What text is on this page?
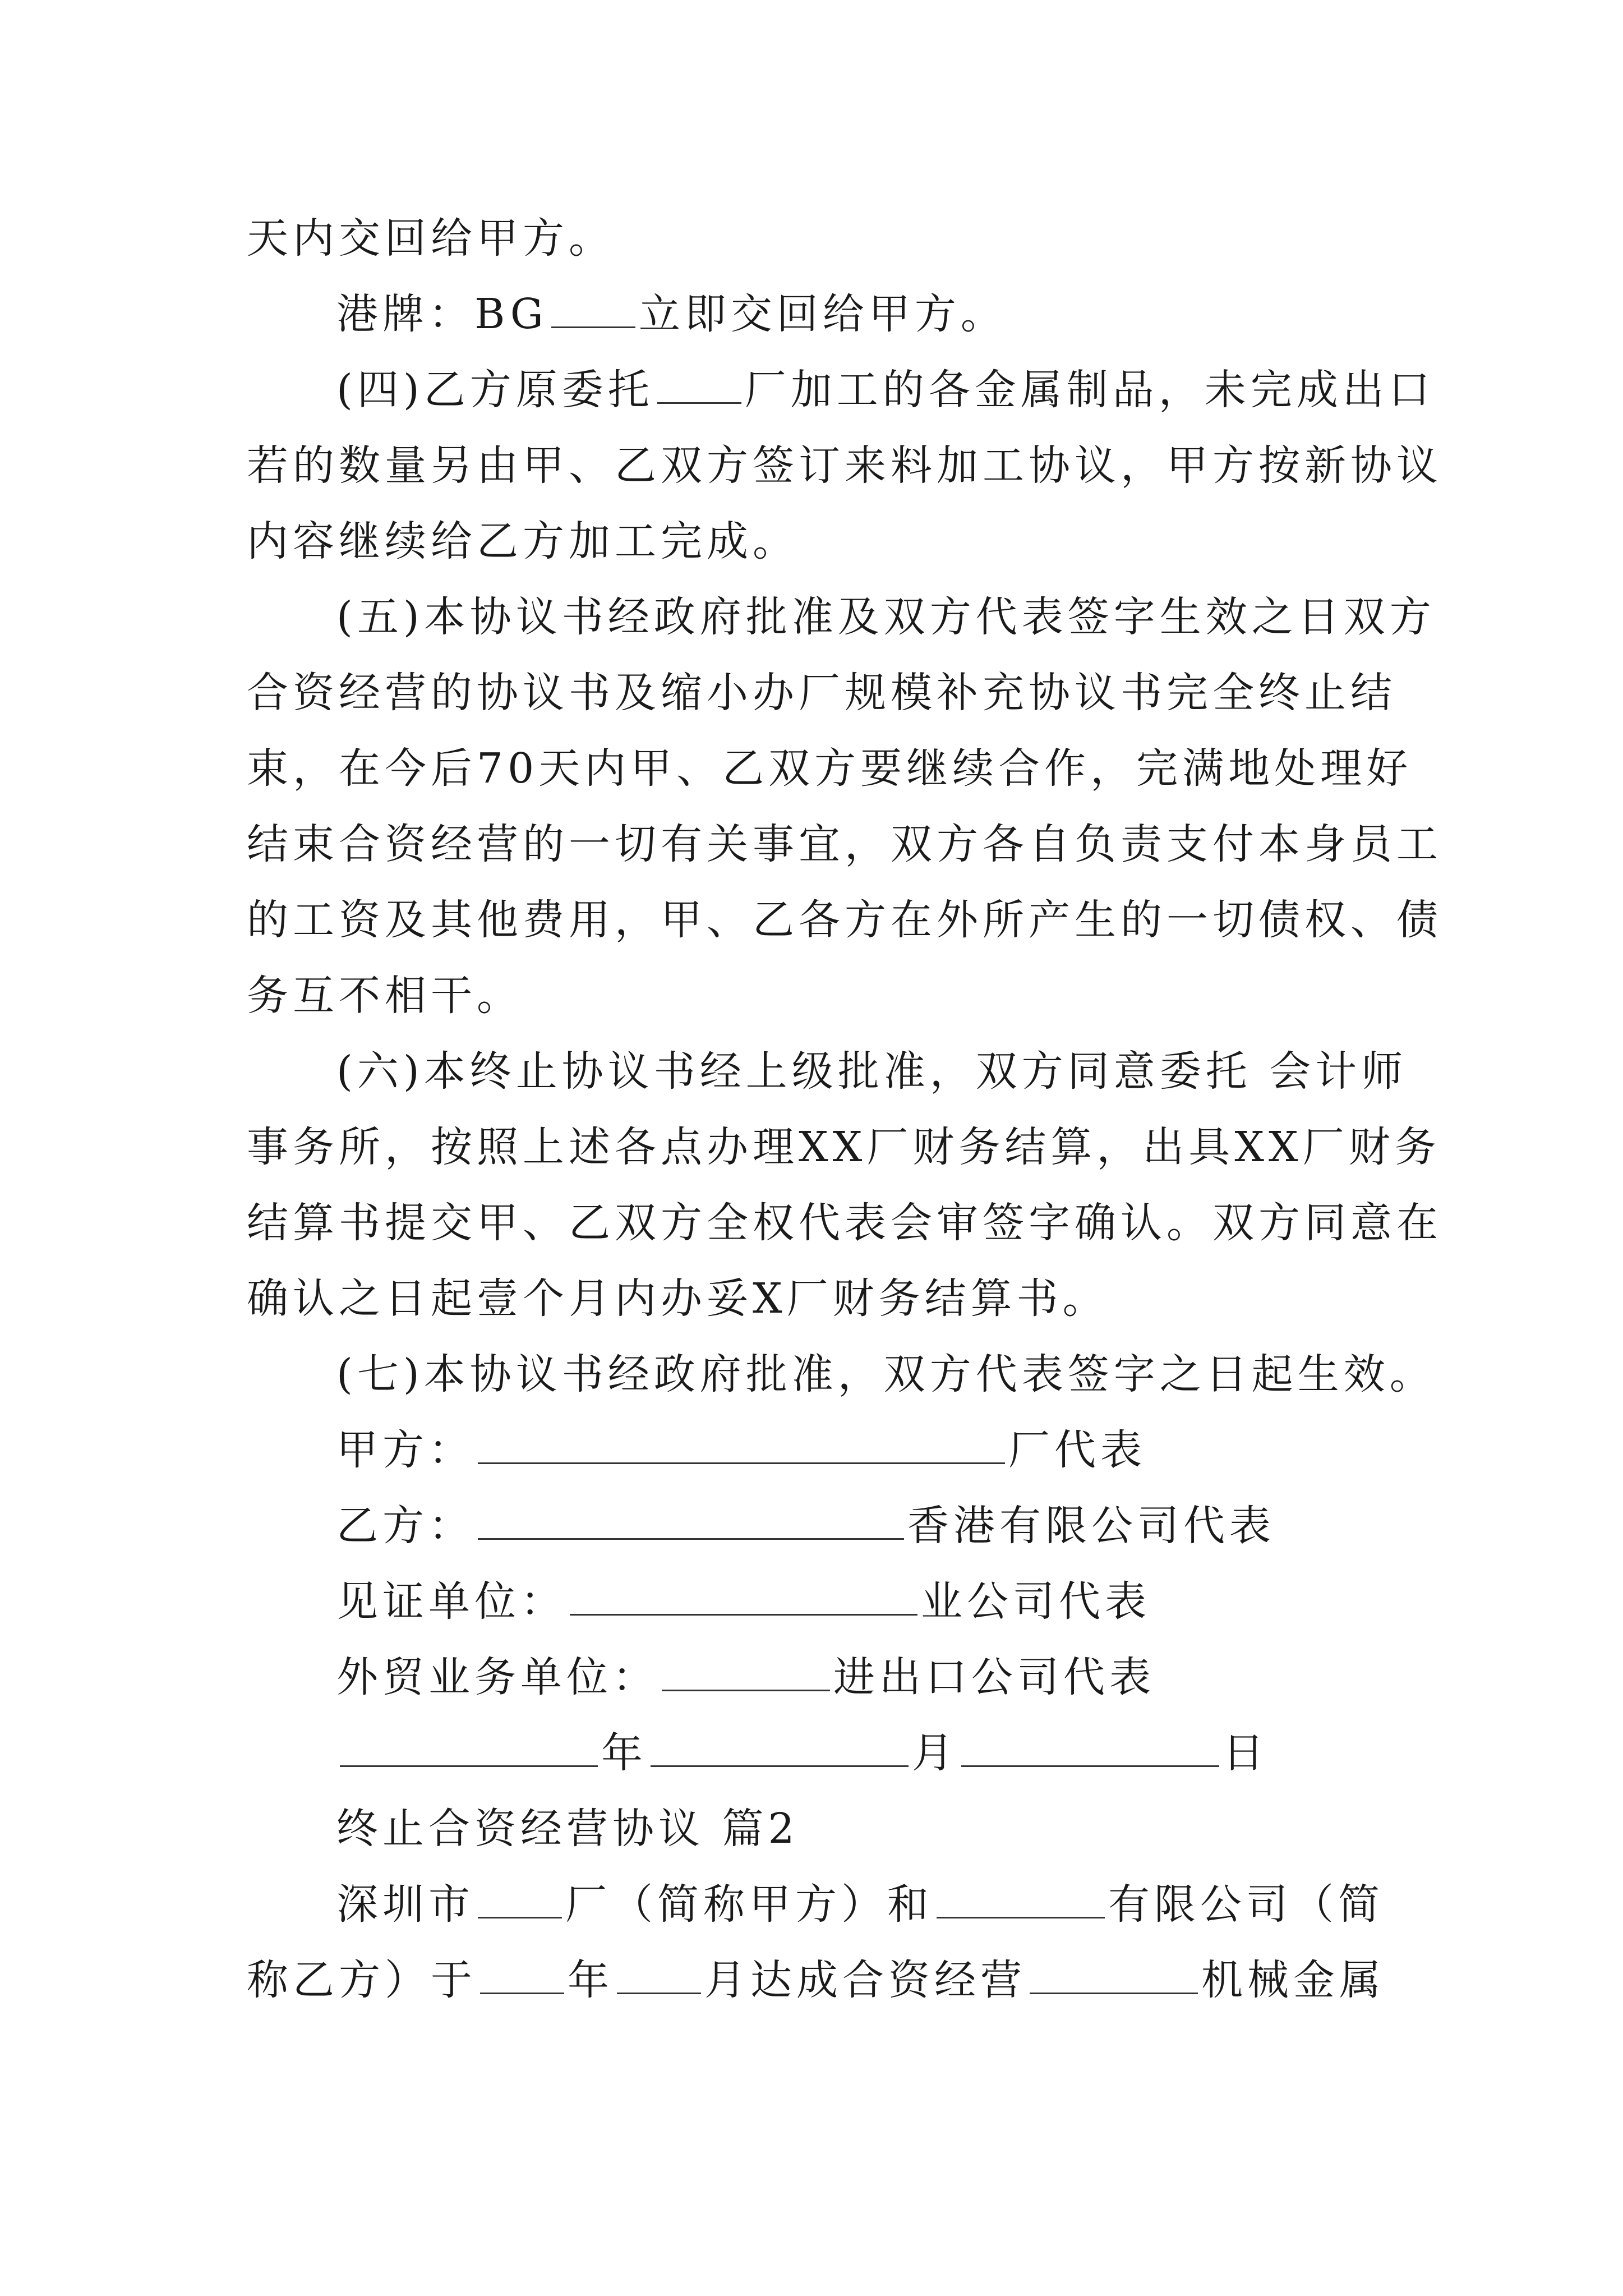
天内交回给甲方。
港牌：BG 立即交回给甲方。
(四)乙方原委托 厂加工的各金属制品，未完成出口
若的数量另由甲、乙双方签订来料加工协议，甲方按新协议
内容继续给乙方加工完成。
(五)本协议书经政府批准及双方代表签字生效之日双方
合资经营的协议书及缩小办厂规模补充协议书完全终止结
束，在今后70天内甲、乙双方要继续合作，完满地处理好
结束合资经营的一切有关事宜，双方各自负责支付本身员工
的工资及其他费用，甲、乙各方在外所产生的一切债权、债
务互不相干。
(六)本终止协议书经上级批准，双方同意委托 会计师
事务所，按照上述各点办理XX厂财务结算，出具XX厂财务
结算书提交甲、乙双方全权代表会审签字确认。双方同意在
确认之日起壹个月内办妥X厂财务结算书。
(七)本协议书经政府批准，双方代表签字之日起生效。
甲方：	厂代表
乙方：	香港有限公司代表
见证单位：	业公司代表
外贸业务单位：	进出口公司代表
年	月	日
终止合资经营协议 篇2
深圳市 厂（简称甲方）和	有限公司（简
称乙方）于 年 月达成合资经营	机械金属
